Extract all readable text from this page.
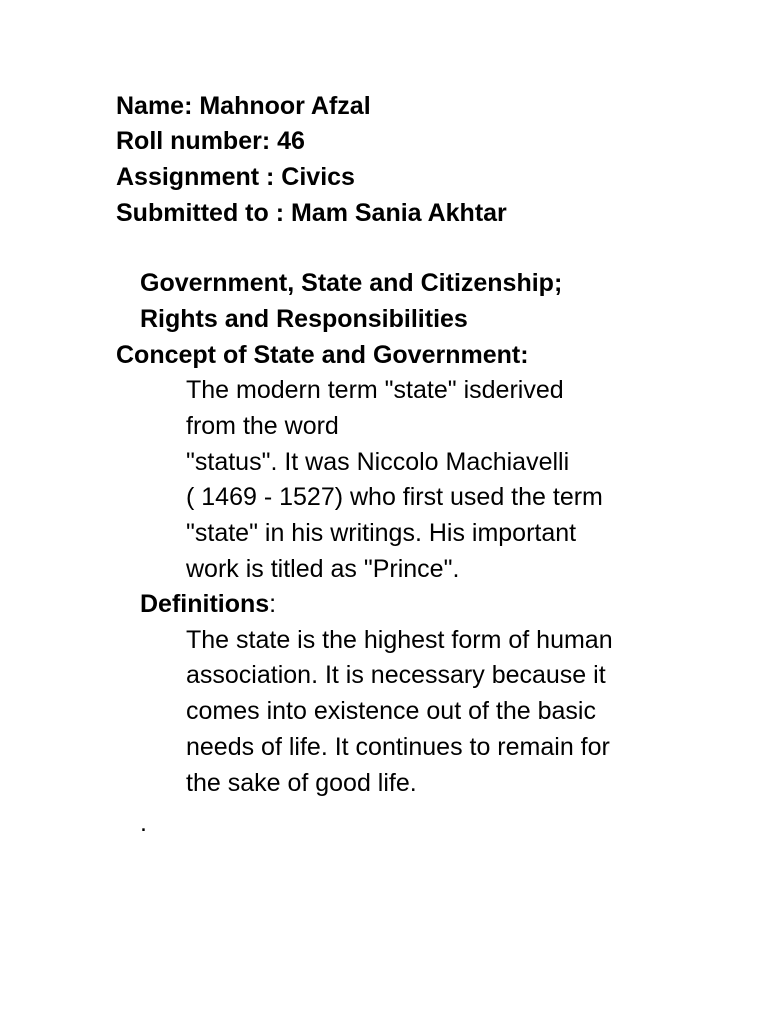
Name: Mahnoor Afzal
Roll number: 46
Assignment : Civics
Submitted to : Mam Sania Akhtar
Government, State and Citizenship;
Rights and Responsibilities
Concept of State and Government:
The modern term "state" isderived
from the word
"status". It was Niccolo Machiavelli
( 1469 - 1527) who first used the term
"state" in his writings. His important
work is titled as "Prince".
Definitions:
The state is the highest form of human
association. It is necessary because it
comes into existence out of the basic
needs of life. It continues to remain for
the sake of good life.
.
